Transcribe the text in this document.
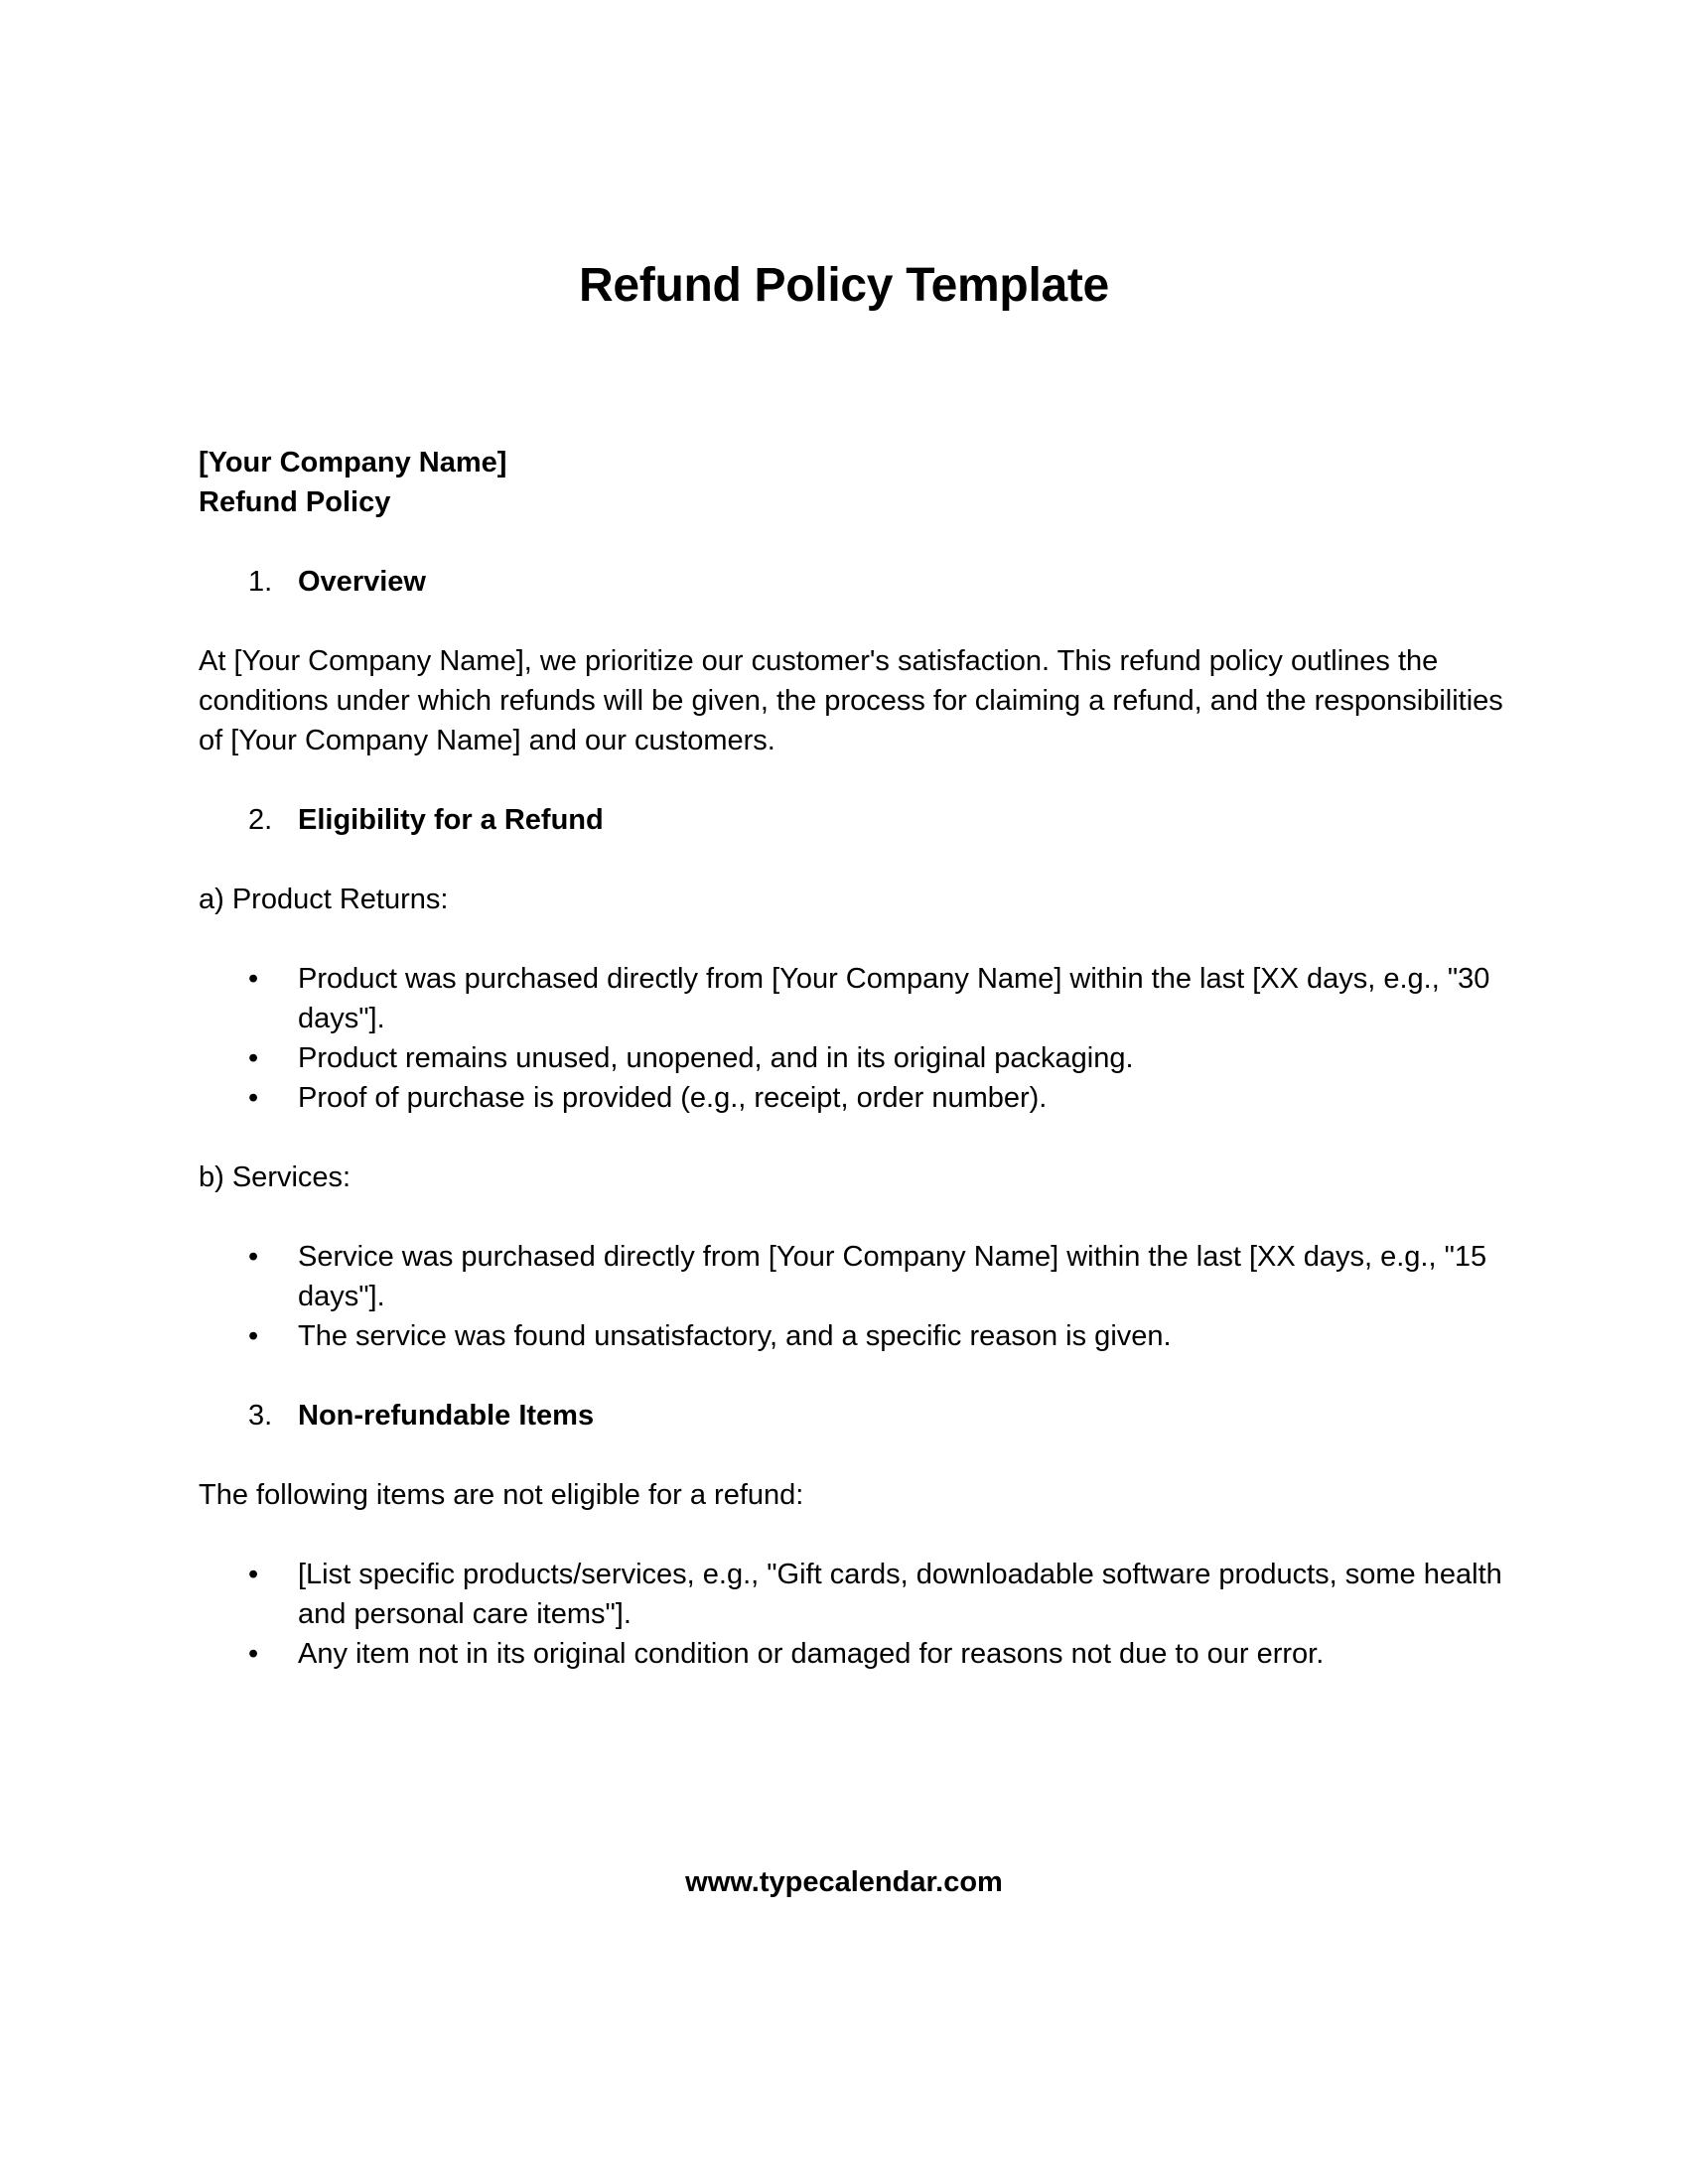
Refund Policy Template

[Your Company Name]

Refund Policy

1. Overview

At [Your Company Name], we prioritize our customer's satisfaction. This refund policy outlines the conditions under which refunds will be given, the process for claiming a refund, and the responsibilities of [Your Company Name] and our customers.

2. Eligibility for a Refund

a) Product Returns:

• Product was purchased directly from [Your Company Name] within the last [XX days, e.g., "30 days"].
• Product remains unused, unopened, and in its original packaging.
• Proof of purchase is provided (e.g., receipt, order number).

b) Services:

• Service was purchased directly from [Your Company Name] within the last [XX days, e.g., "15 days"].
• The service was found unsatisfactory, and a specific reason is given.
3. Non-refundable Items

The following items are not eligible for a refund:

• [List specific products/services, e.g., "Gift cards, downloadable software products, some health and personal care items"].
• Any item not in its original condition or damaged for reasons not due to our error.
www.typecalendar.com
